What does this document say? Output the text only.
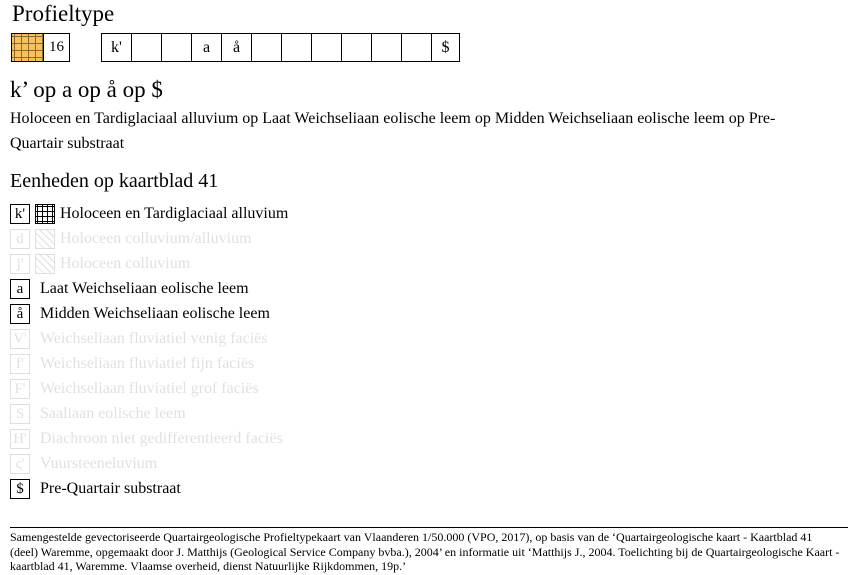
Profieltype
16	k'	a	å	$
k’ op a op å op $
Holoceen en Tardiglaciaal alluvium op Laat Weichseliaan eolische leem op Midden Weichseliaan eolische leem op Pre-Quartair substraat
Eenheden op kaartblad 41
k'	Holoceen en Tardiglaciaal alluvium
d	Holoceen colluvium/alluvium
j'	Holoceen colluvium
a	Laat Weichseliaan eolische leem
å	Midden Weichseliaan eolische leem
V' Weichseliaan fluviatiel venig faciës
f'	Weichseliaan fluviatiel fijn faciës
F' Weichseliaan fluviatiel grof faciës
S Saaliaan eolische leem
H' Diachroon niet gedifferentieerd faciës
ς' Vuursteeneluvium
$	Pre-Quartair substraat
Samengestelde gevectoriseerde Quartairgeologische Profieltypekaart van Vlaanderen 1/50.000 (VPO, 2017), op basis van de ‘Quartairgeologische kaart - Kaartblad 41 (deel) Waremme, opgemaakt door J. Matthijs (Geological Service Company bvba.), 2004’ en informatie uit ‘Matthijs J., 2004. Toelichting bij de Quartairgeologische Kaart - kaartblad 41, Waremme. Vlaamse overheid, dienst Natuurlijke Rijkdommen, 19p.’
